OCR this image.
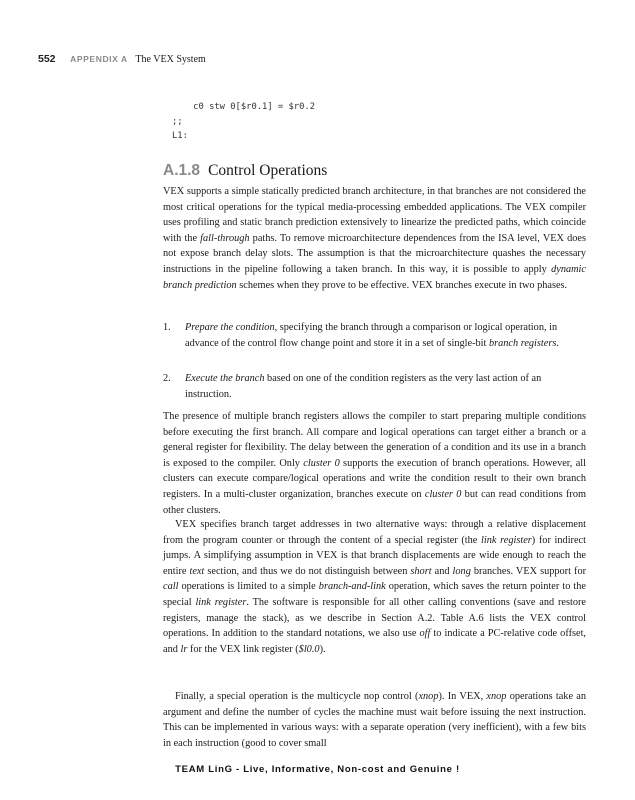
552 APPENDIX A The VEX System
c0 stw 0[$r0.1] = $r0.2
;;
L1:
A.1.8 Control Operations

VEX supports a simple statically predicted branch architecture, in that branches are not considered the most critical operations for the typical media-processing embedded applications. The VEX compiler uses profiling and static branch prediction extensively to linearize the predicted paths, which coincide with the fall-through paths. To remove microarchitecture dependences from the ISA level, VEX does not expose branch delay slots. The assumption is that the microarchitecture quashes the necessary instructions in the pipeline following a taken branch. In this way, it is possible to apply dynamic branch prediction schemes when they prove to be effective. VEX branches execute in two phases.

1. Prepare the condition, specifying the branch through a comparison or logical operation, in advance of the control flow change point and store it in a set of single-bit branch registers.
2. Execute the branch based on one of the condition registers as the very last action of an instruction.

The presence of multiple branch registers allows the compiler to start preparing multiple conditions before executing the first branch. All compare and logical operations can target either a branch or a general register for flexibility. The delay between the generation of a condition and its use in a branch is exposed to the compiler. Only cluster 0 supports the execution of branch operations. However, all clusters can execute compare/logical operations and write the condition result to their own branch registers. In a multi-cluster organization, branches execute on cluster 0 but can read conditions from other clusters.

VEX specifies branch target addresses in two alternative ways: through a relative displacement from the program counter or through the content of a special register (the link register) for indirect jumps. A simplifying assumption in VEX is that branch displacements are wide enough to reach the entire text section, and thus we do not distinguish between short and long branches. VEX support for call operations is limited to a simple branch-and-link operation, which saves the return pointer to the special link register. The software is responsible for all other calling conventions (save and restore registers, manage the stack), as we describe in Section A.2. Table A.6 lists the VEX control operations. In addition to the standard notations, we also use off to indicate a PC-relative code offset, and lr for the VEX link register ($l0.0).

Finally, a special operation is the multicycle nop control (xnop). In VEX, xnop operations take an argument and define the number of cycles the machine must wait before issuing the next instruction. This can be implemented in various ways: with a separate operation (very inefficient), with a few bits in each instruction (good to cover small

TEAM LinG - Live, Informative, Non-cost and Genuine !
